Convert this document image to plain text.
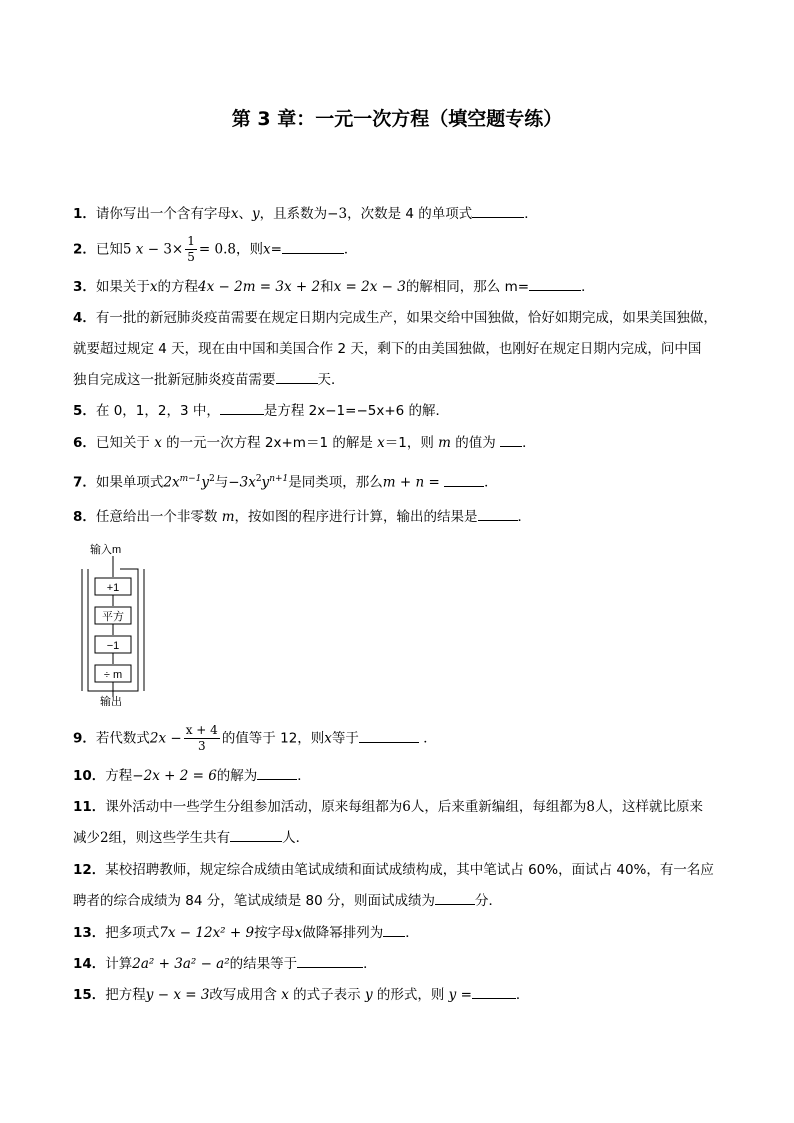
第 3 章：一元一次方程（填空题专练）
1．请你写出一个含有字母x、y，且系数为−3，次数是 4 的单项式	．
2．已知5 $x - 3\times \frac{1}{5} = 0.8$，则x=	．
3．如果关于x的方程4x − 2m = 3x + 2和x = 2x − 3的解相同，那么 m=	．
4．有一批的新冠肺炎疫苗需要在规定日期内完成生产，如果交给中国独做，恰好如期完成，如果美国独做，
就要超过规定 4 天，现在由中国和美国合作 2 天，剩下的由美国独做，也刚好在规定日期内完成，问中国
独自完成这一批新冠肺炎疫苗需要	天．
5．在 0，1，2，3 中，	是方程 2x−1=−5x+6 的解．
6．已知关于 x 的一元一次方程 2x+m＝1 的解是 x＝1，则 m 的值为 ．
7．如果单项式$2x^{m-1}y^2$与$-3x^2y^{n+1}$是同类项，那么m + n =	．
8．任意给出一个非零数 m，按如图的程序进行计算，输出的结果是	．
输入m
+1
平方
−1
÷ m
输出
9．若代数式$2x - \frac{x + 4}{3}$ 的值等于 12，则x等于	．
10．方程−2x + 2 = 6的解为	．
11．课外活动中一些学生分组参加活动，原来每组都为6人，后来重新编组，每组都为8人，这样就比原来
减少2组，则这些学生共有	人．
12．某校招聘教师，规定综合成绩由笔试成绩和面试成绩构成，其中笔试占 60%，面试占 40%，有一名应
聘者的综合成绩为 84 分，笔试成绩是 80 分，则面试成绩为	分．
13．把多项式7x − 12x² + 9按字母x做降幂排列为 ．
14．计算2a² + 3a² − a²的结果等于	．
15．把方程y − x = 3改写成用含 x 的式子表示 y 的形式，则 y =	．
